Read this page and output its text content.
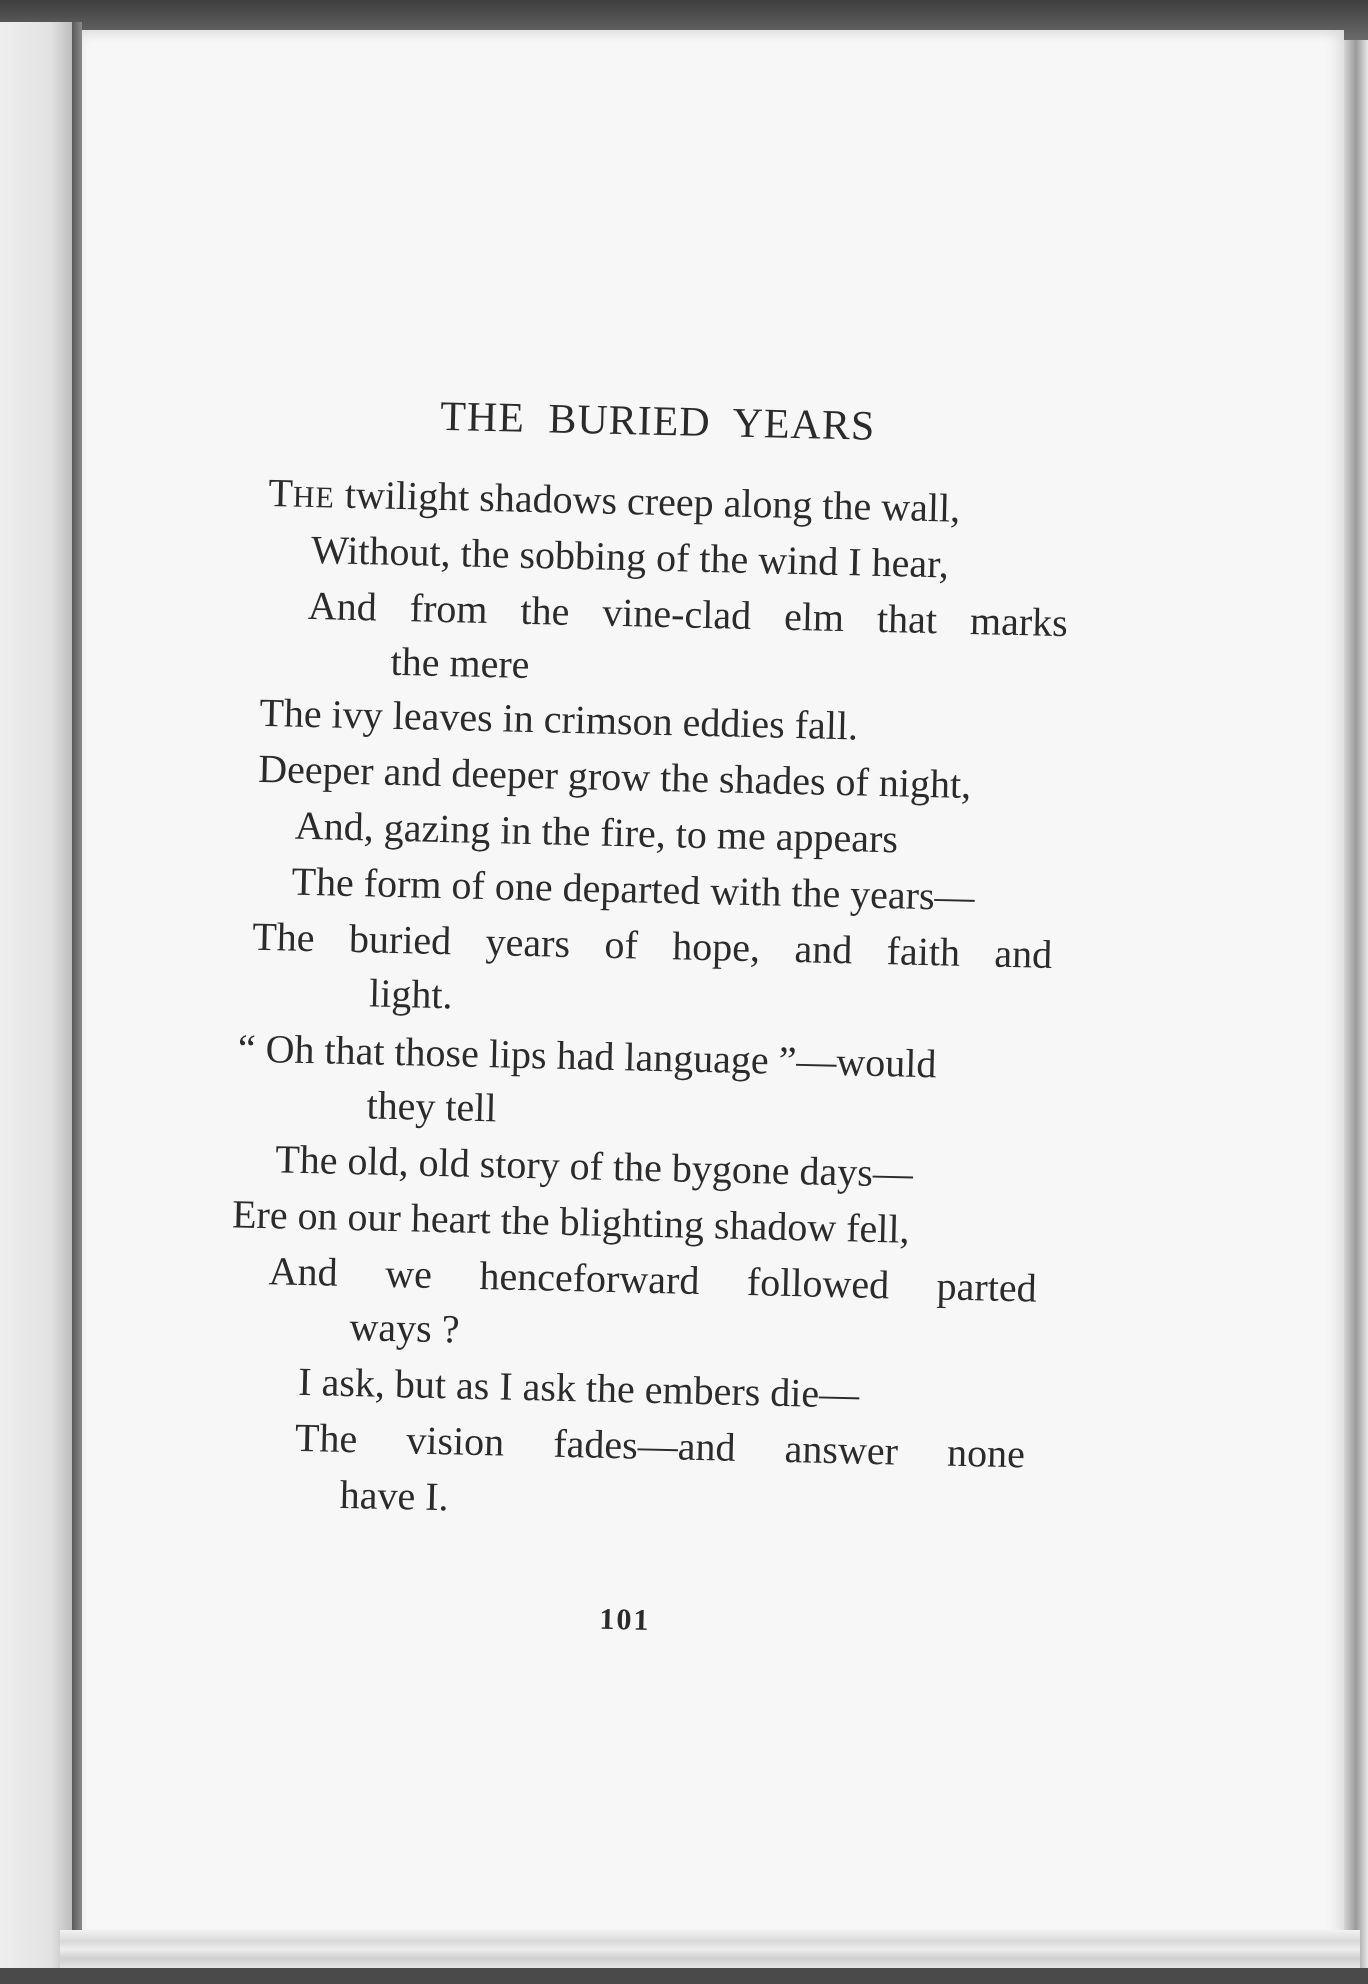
THE BURIED YEARS
THE twilight shadows creep along the wall,
Without, the sobbing of the wind I hear,
And from the vine-clad elm that marks
the mere
The ivy leaves in crimson eddies fall.
Deeper and deeper grow the shades of night,
And, gazing in the fire, to me appears
The form of one departed with the years—
The buried years of hope, and faith and
light.
“ Oh that those lips had language ”—would
they tell
The old, old story of the bygone days—
Ere on our heart the blighting shadow fell,
And we henceforward followed parted
ways ?
I ask, but as I ask the embers die—
The vision fades—and answer none
have I.
101
